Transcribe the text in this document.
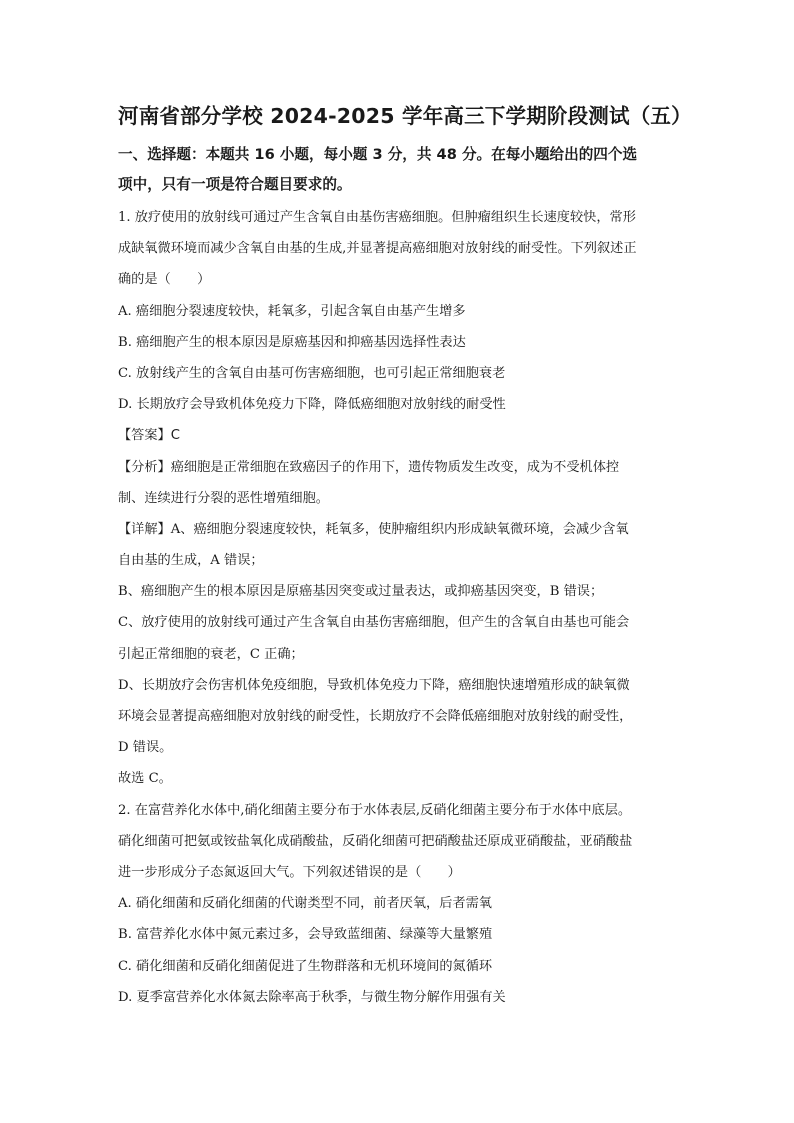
河南省部分学校 2024-2025 学年高三下学期阶段测试（五）
一、选择题：本题共 16 小题，每小题 3 分，共 48 分。在每小题给出的四个选
项中，只有一项是符合题目要求的。
1. 放疗使用的放射线可通过产生含氧自由基伤害癌细胞。但肿瘤组织生长速度较快，常形
成缺氧微环境而减少含氧自由基的生成,并显著提高癌细胞对放射线的耐受性。下列叙述正
确的是（　　）
A. 癌细胞分裂速度较快，耗氧多，引起含氧自由基产生增多
B. 癌细胞产生的根本原因是原癌基因和抑癌基因选择性表达
C. 放射线产生的含氧自由基可伤害癌细胞，也可引起正常细胞衰老
D. 长期放疗会导致机体免疫力下降，降低癌细胞对放射线的耐受性
【答案】C
【分析】癌细胞是正常细胞在致癌因子的作用下，遗传物质发生改变，成为不受机体控
制、连续进行分裂的恶性增殖细胞。
【详解】A、癌细胞分裂速度较快，耗氧多，使肿瘤组织内形成缺氧微环境，会减少含氧
自由基的生成，A 错误；
B、癌细胞产生的根本原因是原癌基因突变或过量表达，或抑癌基因突变，B 错误；
C、放疗使用的放射线可通过产生含氧自由基伤害癌细胞，但产生的含氧自由基也可能会
引起正常细胞的衰老，C 正确；
D、长期放疗会伤害机体免疫细胞，导致机体免疫力下降，癌细胞快速增殖形成的缺氧微
环境会显著提高癌细胞对放射线的耐受性，长期放疗不会降低癌细胞对放射线的耐受性，
D 错误。
故选 C。
2. 在富营养化水体中,硝化细菌主要分布于水体表层,反硝化细菌主要分布于水体中底层。
硝化细菌可把氨或铵盐氧化成硝酸盐，反硝化细菌可把硝酸盐还原成亚硝酸盐，亚硝酸盐
进一步形成分子态氮返回大气。下列叙述错误的是（　　）
A. 硝化细菌和反硝化细菌的代谢类型不同，前者厌氧，后者需氧
B. 富营养化水体中氮元素过多，会导致蓝细菌、绿藻等大量繁殖
C. 硝化细菌和反硝化细菌促进了生物群落和无机环境间的氮循环
D. 夏季富营养化水体氮去除率高于秋季，与微生物分解作用强有关
